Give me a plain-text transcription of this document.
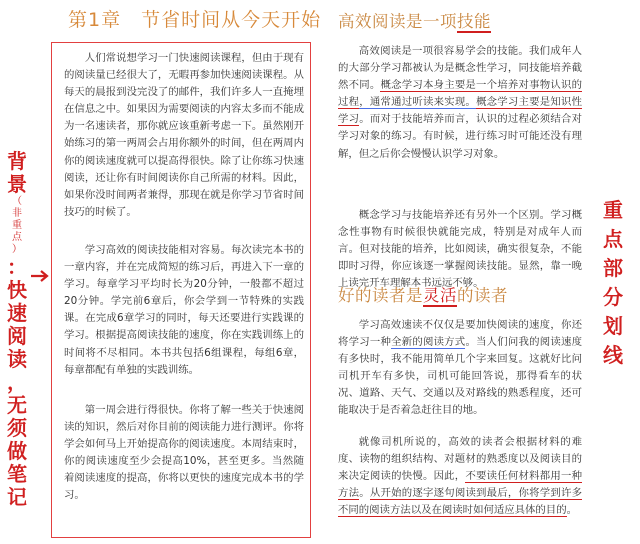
第1章　节省时间从今天开始

人们常说想学习一门快速阅读课程，但由于现有的阅读量已经很大了，无暇再参加快速阅读课程。从每天的晨报到没完没了的邮件，我们许多人一直掩埋在信息之中。如果因为需要阅读的内容太多而不能成为一名速读者，那你就应该重新考虑一下。虽然刚开始练习的第一两周会占用你额外的时间，但在两周内你的阅读速度就可以提高得很快。除了让你练习快速阅读，还让你有时间阅读你自己所需的材料。因此，如果你没时间两者兼得，那现在就是你学习节省时间技巧的时候了。

学习高效的阅读技能相对容易。每次读完本书的一章内容，并在完成简短的练习后，再进入下一章的学习。每章学习平均时长为20分钟，一般都不超过20分钟。学完前6章后，你会学到一节特殊的实践课。在完成6章学习的同时，每天还要进行实践课的学习。根据提高阅读技能的速度，你在实践训练上的时间将不尽相同。本书共包括6组课程，每组6章，每章都配有单独的实践训练。

第一周会进行得很快。你将了解一些关于快速阅读的知识，然后对你目前的阅读能力进行测评。你将学会如何马上开始提高你的阅读速度。本周结束时，你的阅读速度至少会提高10%，甚至更多。当然随着阅读速度的提高，你将以更快的速度完成本书的学习。

背
景
（
非
重
点
）
：
快
速
阅
读
，
无
须
做
笔
记
高效阅读是一项技能

高效阅读是一项很容易学会的技能。我们成年人的大部分学习都被认为是概念性学习，同技能培养截然不同。概念学习本身主要是一个培养对事物认识的过程，通常通过听读来实现。概念学习主要是知识性学习。而对于技能培养而言，认识的过程必须结合对学习对象的练习。有时候，进行练习时可能还没有理解，但之后你会慢慢认识学习对象。

概念学习与技能培养还有另外一个区别。学习概念性事物有时候很快就能完成，特别是对成年人而言。但对技能的培养，比如阅读，确实很复杂，不能即时习得，你应该逐一掌握阅读技能。显然，靠一晚上读完开车理解本书远远不够。

好的读者是灵活的读者

学习高效速读不仅仅是要加快阅读的速度，你还将学习一种全新的阅读方式。当人们问我的阅读速度有多快时，我不能用简单几个字来回复。这就好比问司机开车有多快，司机可能回答说，那得看车的状况、道路、天气、交通以及对路线的熟悉程度，还可能取决于是否着急赶往目的地。

就像司机所说的，高效的读者会根据材料的难度、读物的组织结构、对题材的熟悉度以及阅读目的来决定阅读的快慢。因此，不要读任何材料都用一种方法。从开始的逐字逐句阅读到最后，你将学到许多不同的阅读方法以及在阅读时如何适应具体的目的。

重
点
部
分
划
线
